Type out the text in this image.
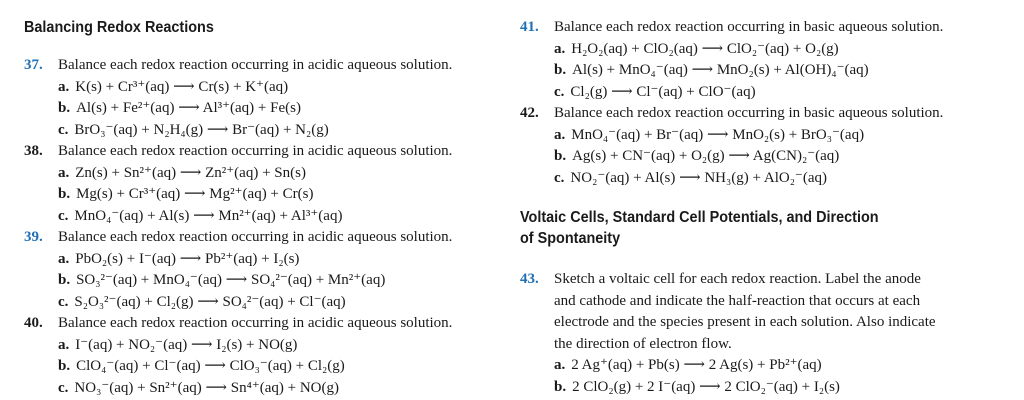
Balancing Redox Reactions
37. Balance each redox reaction occurring in acidic aqueous solution.
a. K(s) + Cr³⁺(aq) ⟶ Cr(s) + K⁺(aq)
b. Al(s) + Fe²⁺(aq) ⟶ Al³⁺(aq) + Fe(s)
c. BrO₃⁻(aq) + N₂H₄(g) ⟶ Br⁻(aq) + N₂(g)
38. Balance each redox reaction occurring in acidic aqueous solution.
a. Zn(s) + Sn²⁺(aq) ⟶ Zn²⁺(aq) + Sn(s)
b. Mg(s) + Cr³⁺(aq) ⟶ Mg²⁺(aq) + Cr(s)
c. MnO₄⁻(aq) + Al(s) ⟶ Mn²⁺(aq) + Al³⁺(aq)
39. Balance each redox reaction occurring in acidic aqueous solution.
a. PbO₂(s) + I⁻(aq) ⟶ Pb²⁺(aq) + I₂(s)
b. SO₃²⁻(aq) + MnO₄⁻(aq) ⟶ SO₄²⁻(aq) + Mn²⁺(aq)
c. S₂O₃²⁻(aq) + Cl₂(g) ⟶ SO₄²⁻(aq) + Cl⁻(aq)
40. Balance each redox reaction occurring in acidic aqueous solution.
a. I⁻(aq) + NO₂⁻(aq) ⟶ I₂(s) + NO(g)
b. ClO₄⁻(aq) + Cl⁻(aq) ⟶ ClO₃⁻(aq) + Cl₂(g)
c. NO₃⁻(aq) + Sn²⁺(aq) ⟶ Sn⁴⁺(aq) + NO(g)
41. Balance each redox reaction occurring in basic aqueous solution.
a. H₂O₂(aq) + ClO₂(aq) ⟶ ClO₂⁻(aq) + O₂(g)
b. Al(s) + MnO₄⁻(aq) ⟶ MnO₂(s) + Al(OH)₄⁻(aq)
c. Cl₂(g) ⟶ Cl⁻(aq) + ClO⁻(aq)
42. Balance each redox reaction occurring in basic aqueous solution.
a. MnO₄⁻(aq) + Br⁻(aq) ⟶ MnO₂(s) + BrO₃⁻(aq)
b. Ag(s) + CN⁻(aq) + O₂(g) ⟶ Ag(CN)₂⁻(aq)
c. NO₂⁻(aq) + Al(s) ⟶ NH₃(g) + AlO₂⁻(aq)
Voltaic Cells, Standard Cell Potentials, and Direction
of Spontaneity
43. Sketch a voltaic cell for each redox reaction. Label the anode
and cathode and indicate the half-reaction that occurs at each
electrode and the species present in each solution. Also indicate
the direction of electron flow.
a. 2 Ag⁺(aq) + Pb(s) ⟶ 2 Ag(s) + Pb²⁺(aq)
b. 2 ClO₂(g) + 2 I⁻(aq) ⟶ 2 ClO₂⁻(aq) + I₂(s)
